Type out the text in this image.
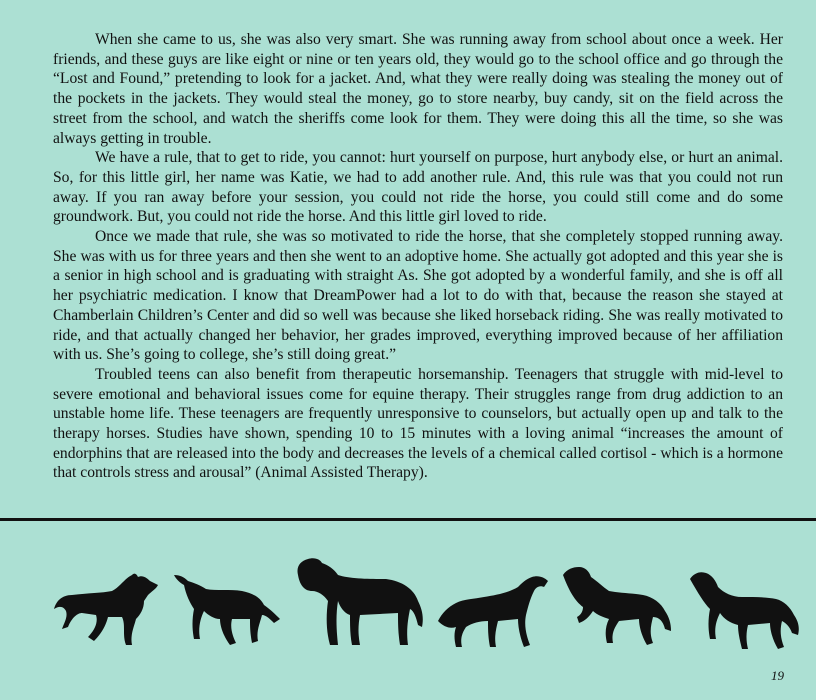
When she came to us, she was also very smart. She was running away from school about once a week. Her friends, and these guys are like eight or nine or ten years old, they would go to the school office and go through the “Lost and Found,” pretending to look for a jacket. And, what they were really doing was stealing the money out of the pockets in the jackets. They would steal the money, go to store nearby, buy candy, sit on the field across the street from the school, and watch the sheriffs come look for them. They were doing this all the time, so she was always getting in trouble.

We have a rule, that to get to ride, you cannot: hurt yourself on purpose, hurt anybody else, or hurt an animal. So, for this little girl, her name was Katie, we had to add another rule. And, this rule was that you could not run away. If you ran away before your session, you could not ride the horse, you could still come and do some groundwork. But, you could not ride the horse. And this little girl loved to ride.

Once we made that rule, she was so motivated to ride the horse, that she completely stopped running away. She was with us for three years and then she went to an adoptive home. She actually got adopted and this year she is a senior in high school and is graduating with straight As. She got adopted by a wonderful family, and she is off all her psychiatric medication. I know that DreamPower had a lot to do with that, because the reason she stayed at Chamberlain Children’s Center and did so well was because she liked horseback riding. She was really motivated to ride, and that actually changed her behavior, her grades improved, everything improved because of her affiliation with us. She’s going to college, she’s still doing great.”

Troubled teens can also benefit from therapeutic horsemanship. Teenagers that struggle with mid-level to severe emotional and behavioral issues come for equine therapy. Their struggles range from drug addiction to an unstable home life. These teenagers are frequently unresponsive to counselors, but actually open up and talk to the therapy horses. Studies have shown, spending 10 to 15 minutes with a loving animal “increases the amount of endorphins that are released into the body and decreases the levels of a chemical called cortisol - which is a hormone that controls stress and arousal” (Animal Assisted Therapy).

19
